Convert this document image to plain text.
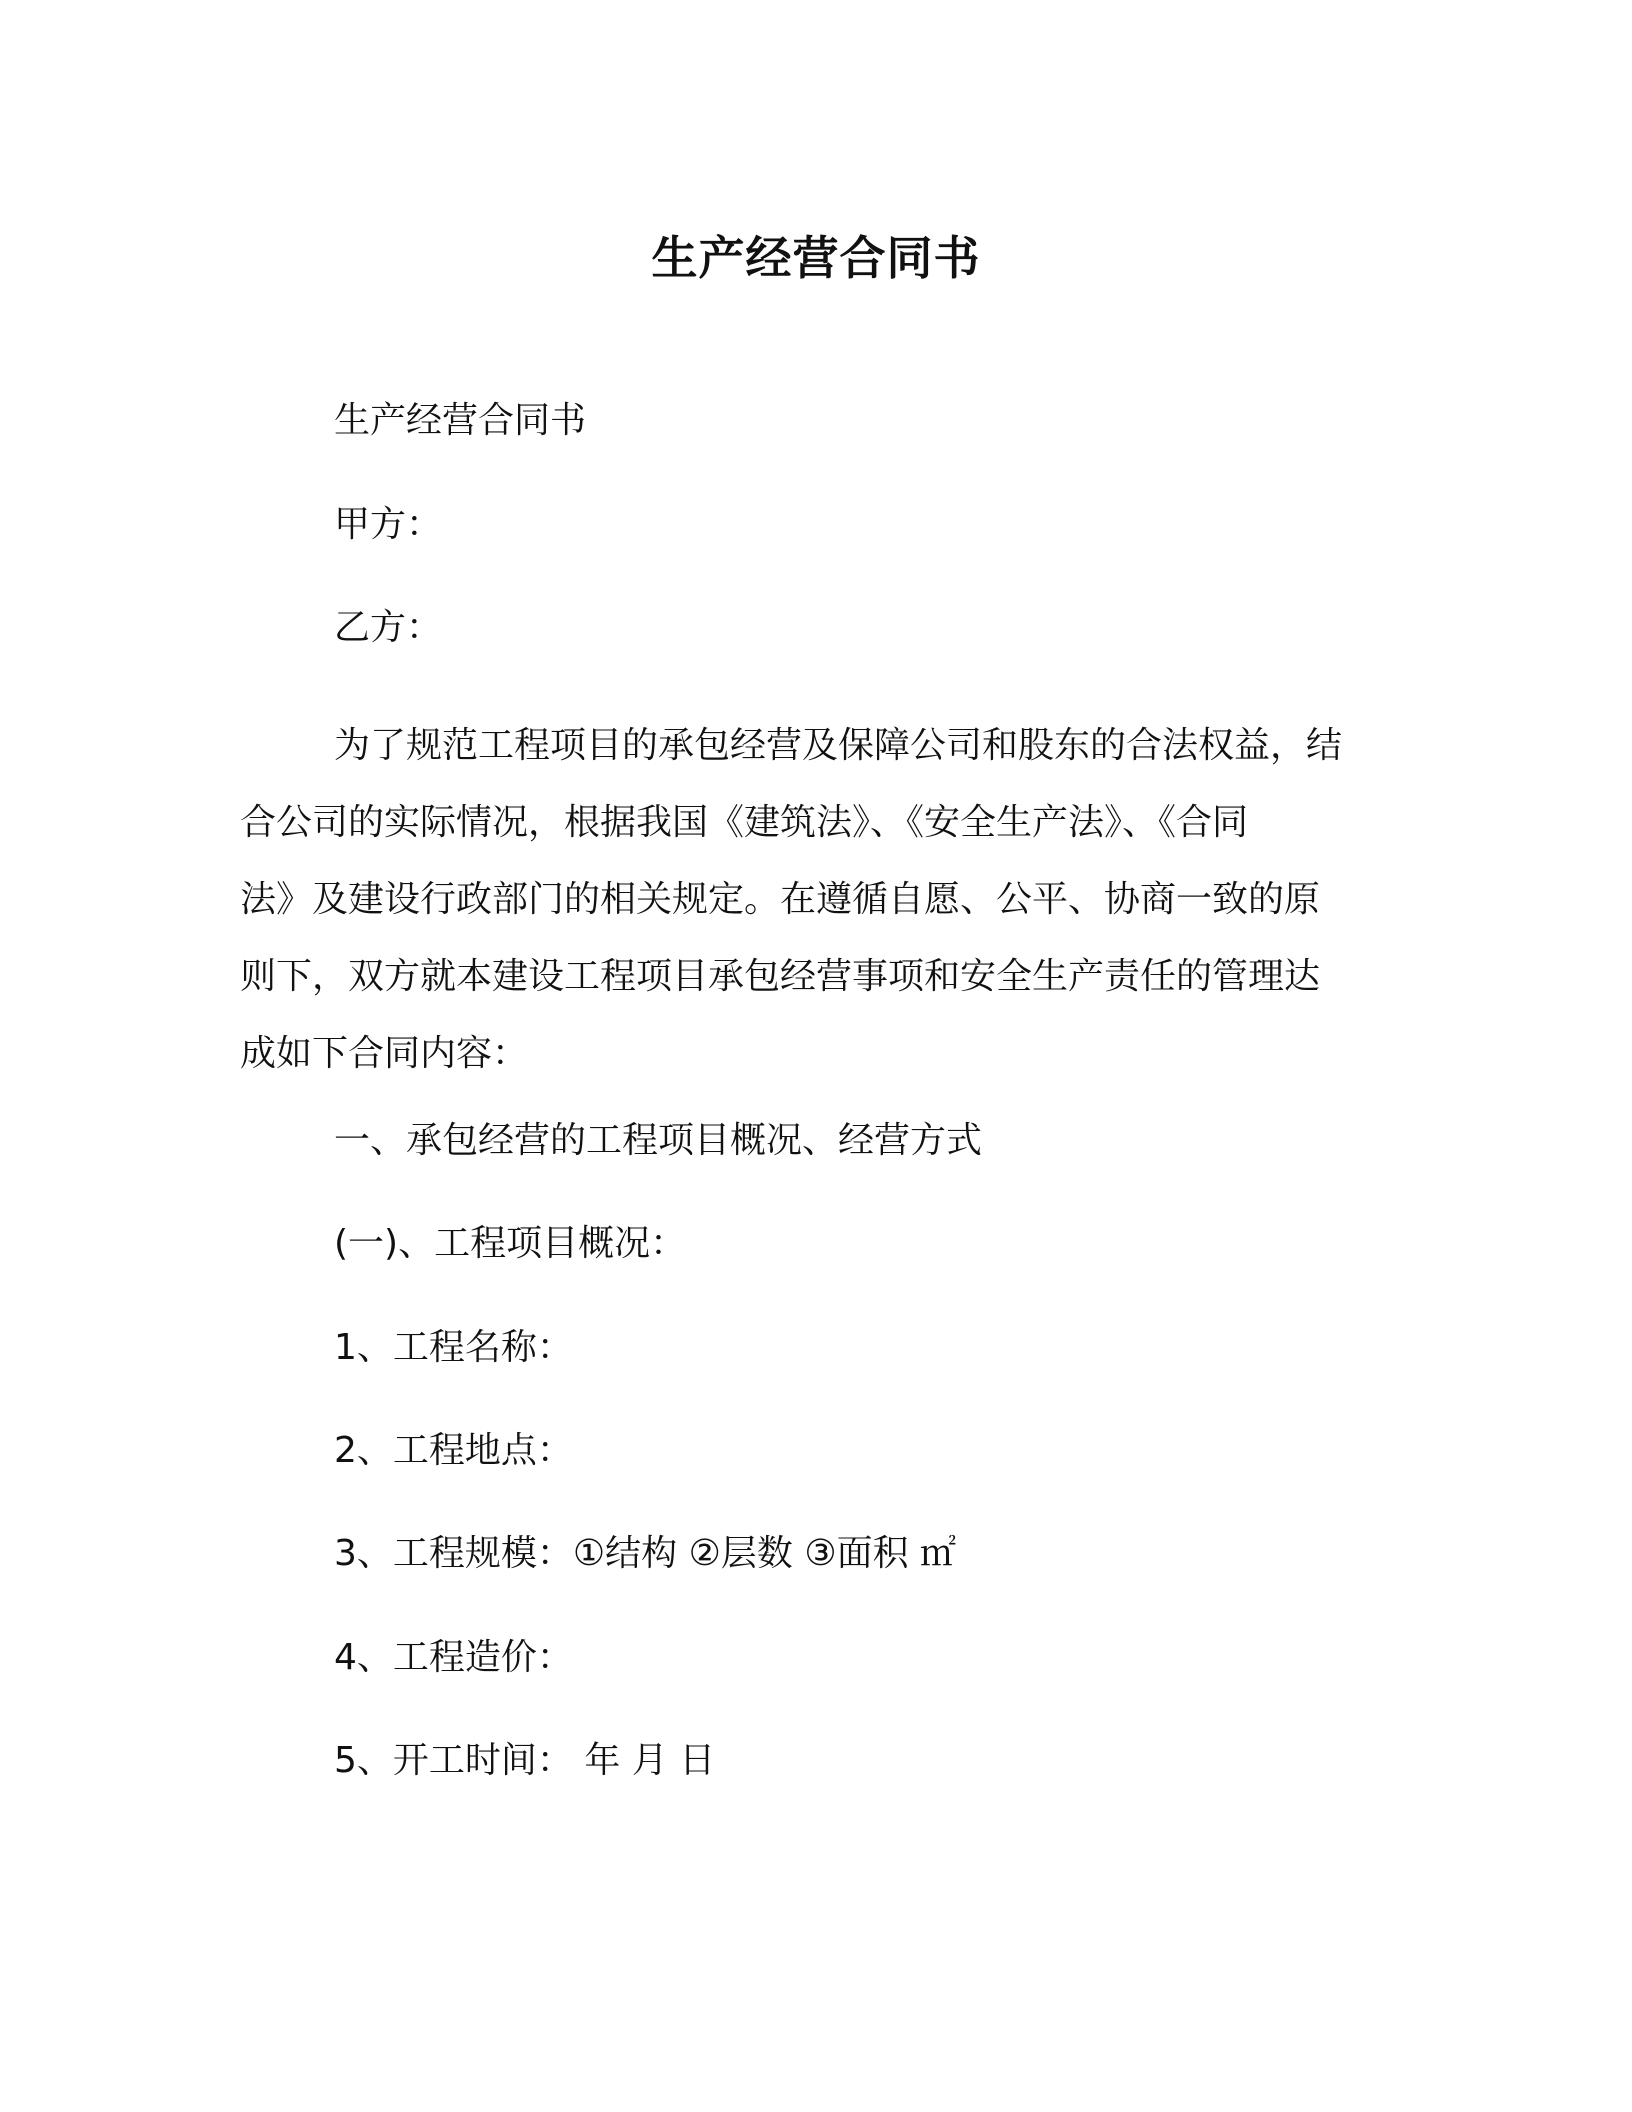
生产经营合同书

生产经营合同书

甲方：

乙方：

为了规范工程项目的承包经营及保障公司和股东的合法权益，结
合公司的实际情况，根据我国《建筑法》、《安全生产法》、《合同
法》及建设行政部门的相关规定。在遵循自愿、公平、协商一致的原
则下，双方就本建设工程项目承包经营事项和安全生产责任的管理达
成如下合同内容：

一、承包经营的工程项目概况、经营方式

(一)、工程项目概况：

1、工程名称：

2、工程地点：

3、工程规模：①结构 ②层数 ③面积 ㎡

4、工程造价：

5、开工时间： 年 月 日
